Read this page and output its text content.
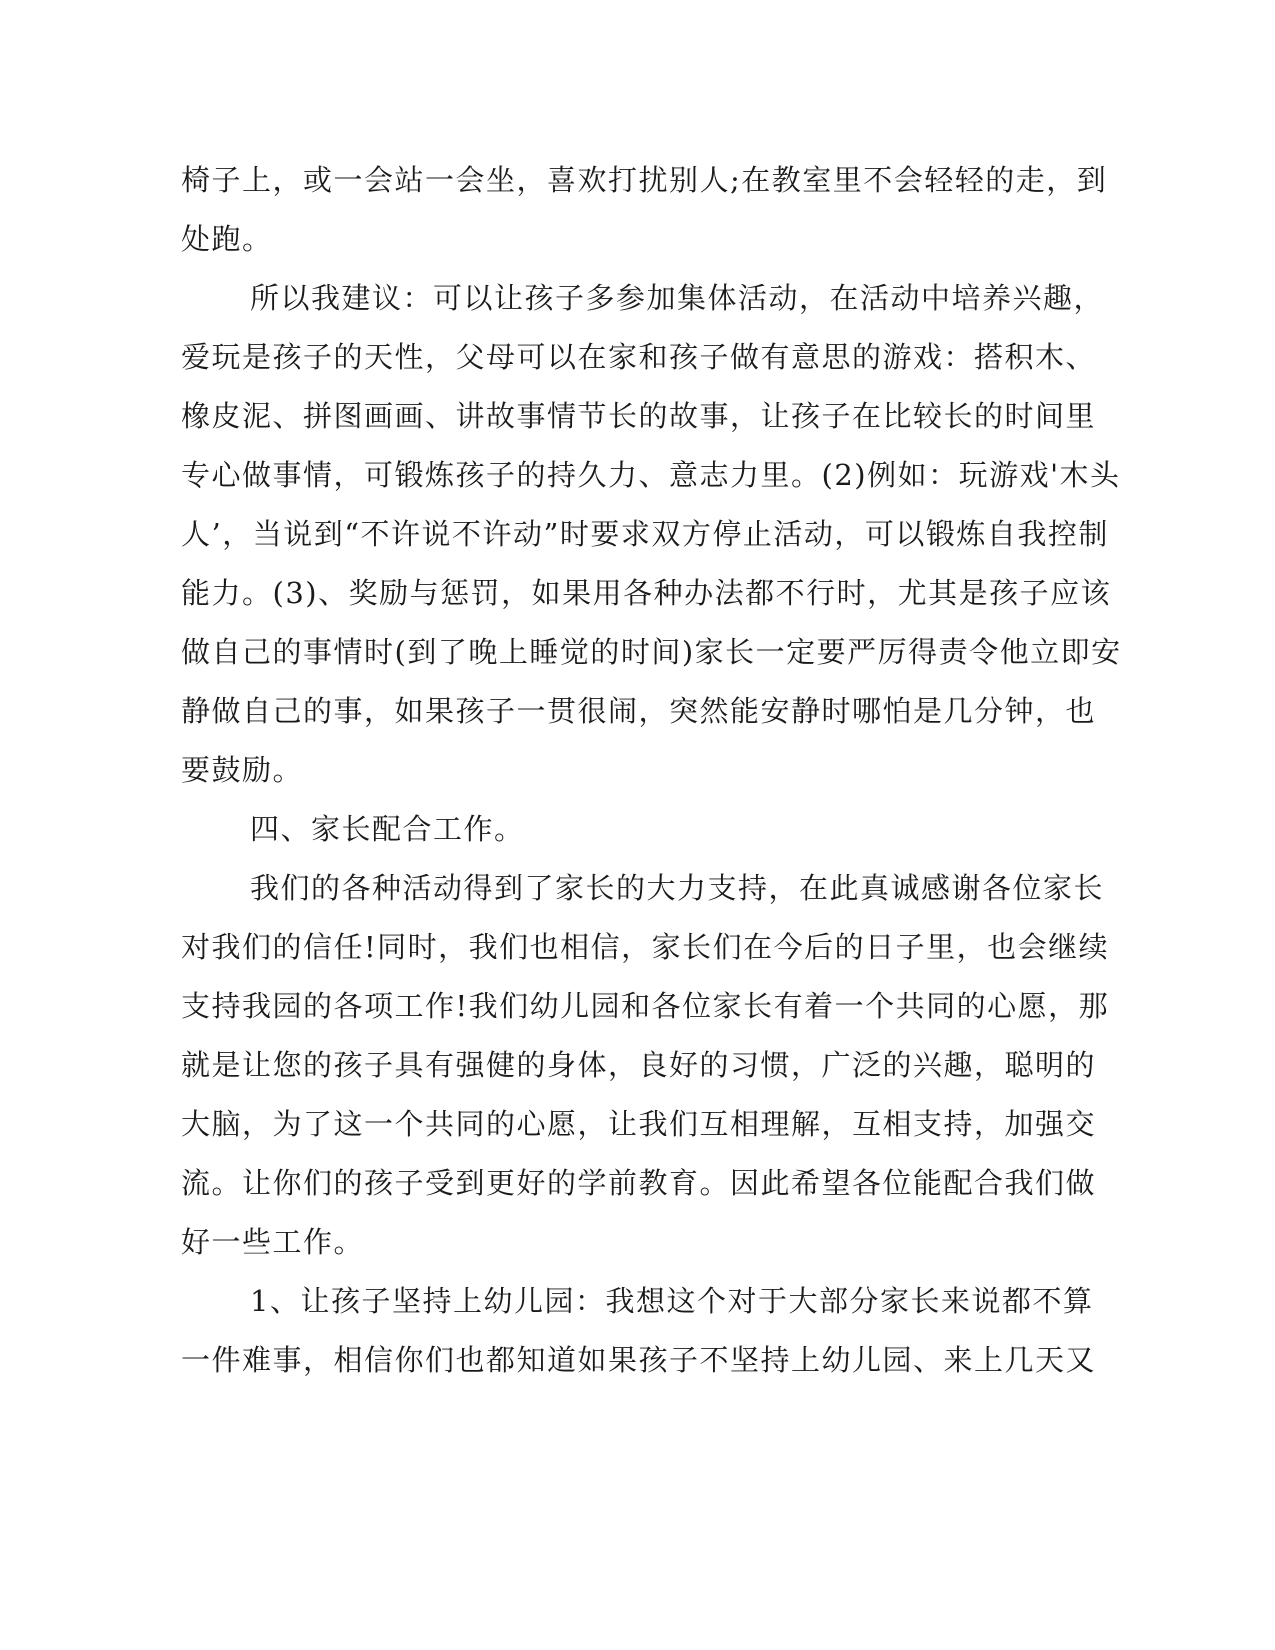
椅子上，或一会站一会坐，喜欢打扰别人;在教室里不会轻轻的走，到
处跑。
所以我建议：可以让孩子多参加集体活动，在活动中培养兴趣，
爱玩是孩子的天性，父母可以在家和孩子做有意思的游戏：搭积木、
橡皮泥、拼图画画、讲故事情节长的故事，让孩子在比较长的时间里
专心做事情，可锻炼孩子的持久力、意志力里。(2)例如：玩游戏'木头
人’，当说到“不许说不许动”时要求双方停止活动，可以锻炼自我控制
能力。(3)、奖励与惩罚，如果用各种办法都不行时，尤其是孩子应该
做自己的事情时(到了晚上睡觉的时间)家长一定要严厉得责令他立即安
静做自己的事，如果孩子一贯很闹，突然能安静时哪怕是几分钟，也
要鼓励。
四、家长配合工作。
我们的各种活动得到了家长的大力支持，在此真诚感谢各位家长
对我们的信任!同时，我们也相信，家长们在今后的日子里，也会继续
支持我园的各项工作!我们幼儿园和各位家长有着一个共同的心愿，那
就是让您的孩子具有强健的身体，良好的习惯，广泛的兴趣，聪明的
大脑，为了这一个共同的心愿，让我们互相理解，互相支持，加强交
流。让你们的孩子受到更好的学前教育。因此希望各位能配合我们做
好一些工作。
1、让孩子坚持上幼儿园：我想这个对于大部分家长来说都不算
一件难事，相信你们也都知道如果孩子不坚持上幼儿园、来上几天又
